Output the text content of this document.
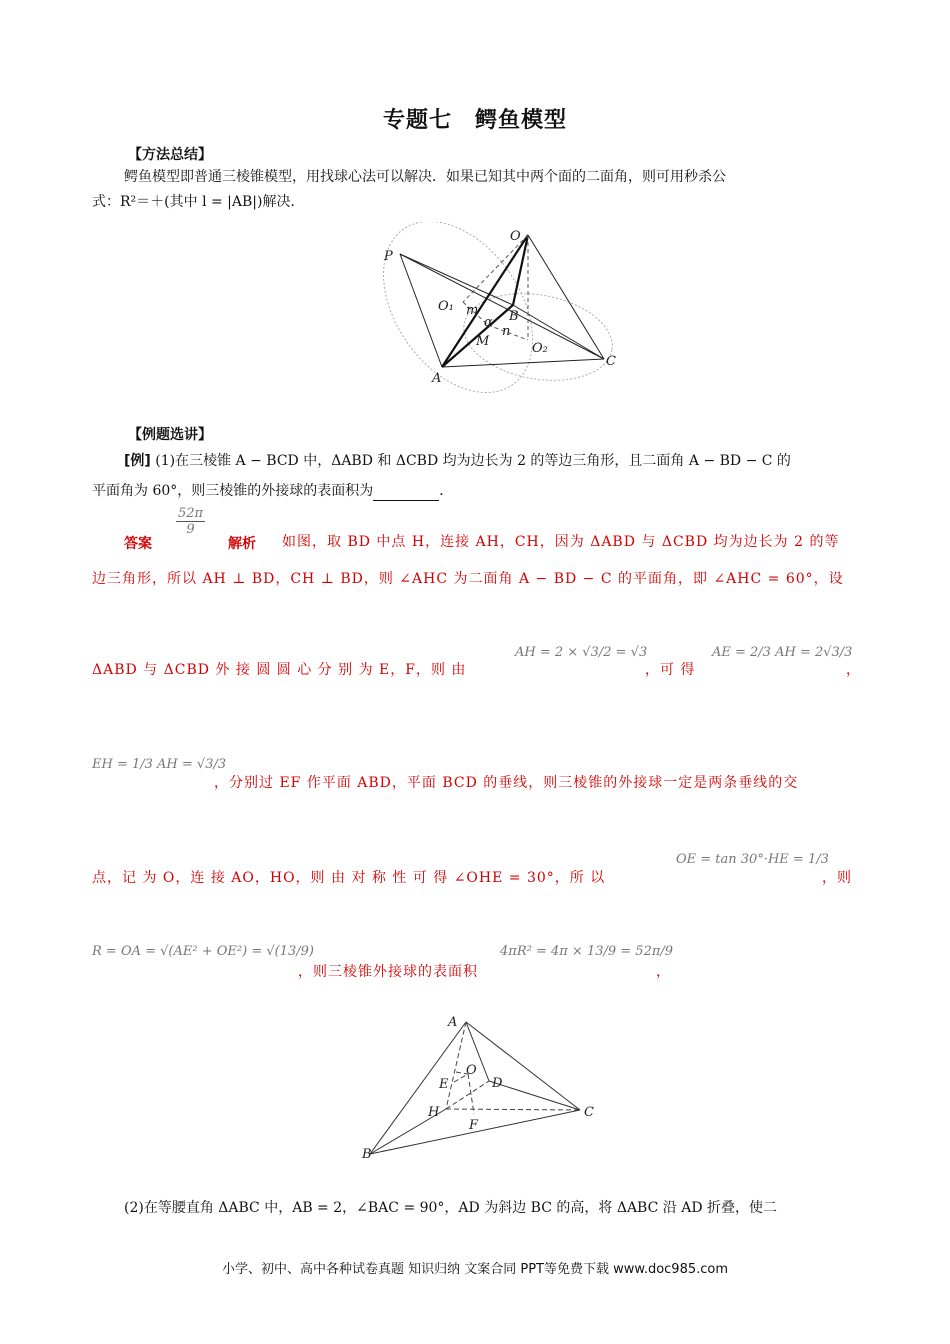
专题七　鳄鱼模型
【方法总结】
鳄鱼模型即普通三棱锥模型，用找球心法可以解决．如果已知其中两个面的二面角，则可用秒杀公
式：R²＝＋(其中 l = |AB|)解决．
O
P
B
O₁ m
α
M
n
O₂
A
C
【例题选讲】
[例] (1)在三棱锥 A − BCD 中，ΔABD 和 ΔCBD 均为边长为 2 的等边三角形，且二面角 A − BD − C 的
平面角为 60°，则三棱锥的外接球的表面积为	．
答案
$\frac{52\pi}{9}$
解析 如图，取 BD 中点 H，连接 AH，CH，因为 ΔABD 与 ΔCBD 均为边长为 2 的等
边三角形，所以 AH ⊥ BD，CH ⊥ BD，则 ∠AHC 为二面角 A − BD − C 的平面角，即 ∠AHC = 60°，设
ΔABD 与 ΔCBD 外 接 圆 圆 心 分 别 为 E，F，则 由
AH = 2 × √3/2 = √3
，可 得
AE = 2/3 AH = 2√3/3
，
EH = 1/3 AH = √3/3
，分别过 EF 作平面 ABD，平面 BCD 的垂线，则三棱锥的外接球一定是两条垂线的交
点，记 为 O，连 接 AO，HO，则 由 对 称 性 可 得 ∠OHE = 30°，所 以
OE = tan 30°·HE = 1/3
，则
R = OA = √(AE² + OE²) = √(13/9)
，则三棱锥外接球的表面积
4πR² = 4π × 13/9 = 52π/9
，
A
O
E	D
H	C
F
B
(2)在等腰直角 ΔABC 中，AB = 2，∠BAC = 90°，AD 为斜边 BC 的高，将 ΔABC 沿 AD 折叠，使二
小学、初中、高中各种试卷真题 知识归纳 文案合同 PPT等免费下载 www.doc985.com
